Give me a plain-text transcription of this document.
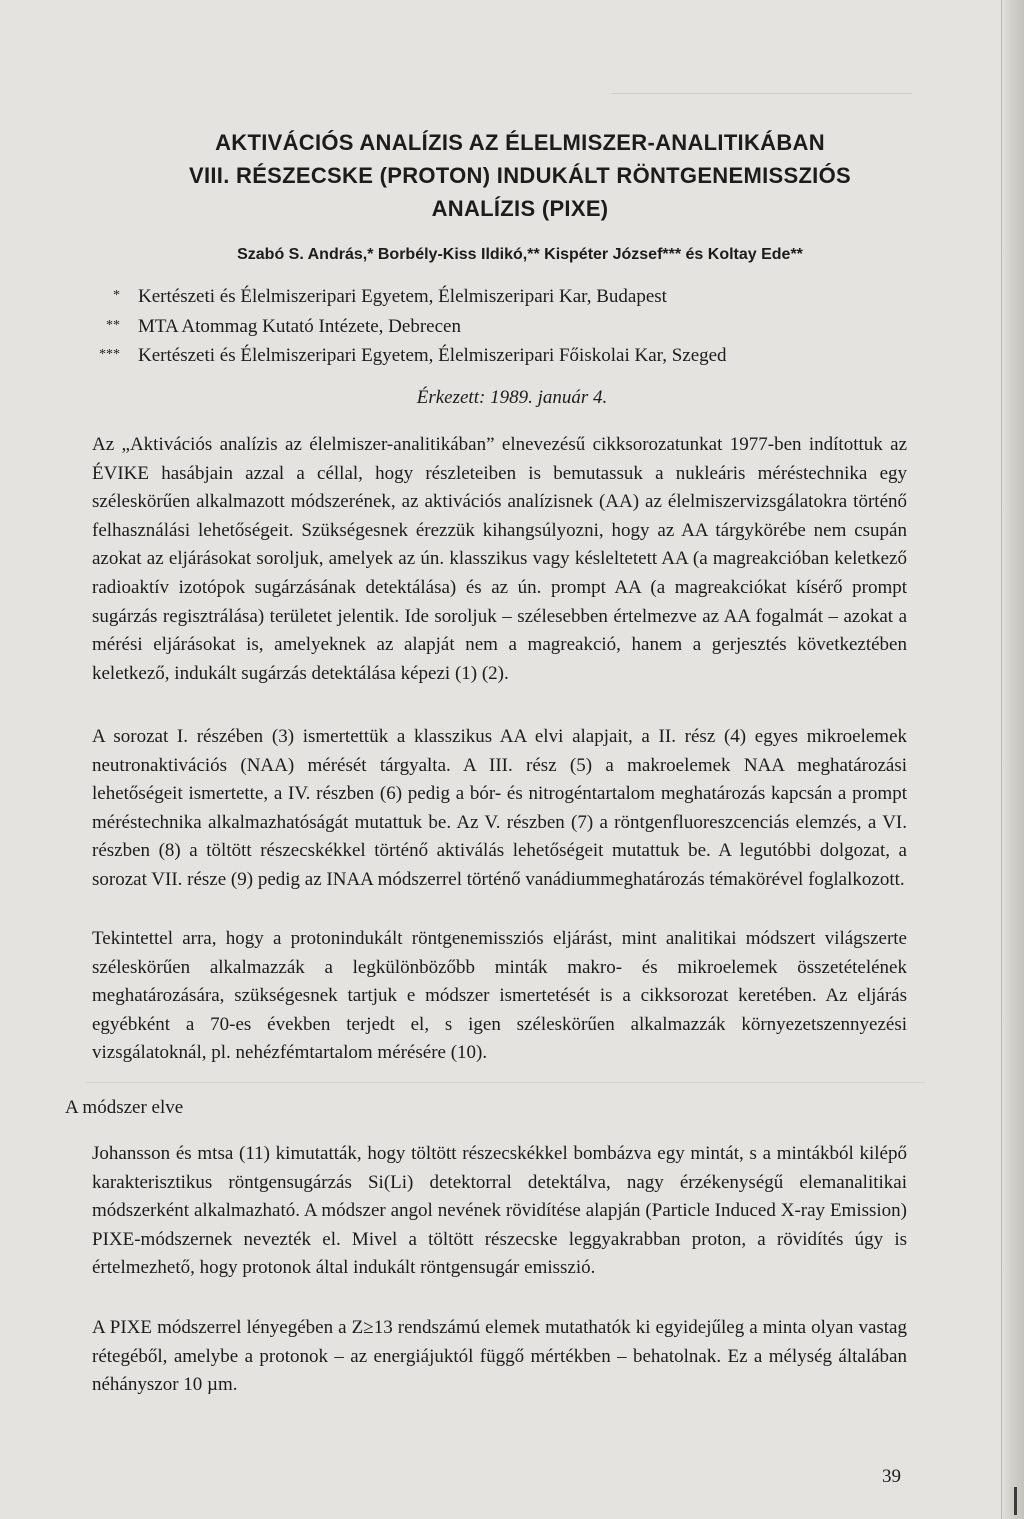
AKTIVÁCIÓS ANALÍZIS AZ ÉLELMISZER-ANALITIKÁBAN
VIII. RÉSZECSKE (PROTON) INDUKÁLT RÖNTGENEMISSZIÓS
ANALÍZIS (PIXE)
Szabó S. András,* Borbély-Kiss Ildikó,** Kispéter József*** és Koltay Ede**
* Kertészeti és Élelmiszeripari Egyetem, Élelmiszeripari Kar, Budapest
** MTA Atommag Kutató Intézete, Debrecen
*** Kertészeti és Élelmiszeripari Egyetem, Élelmiszeripari Főiskolai Kar, Szeged
Érkezett: 1989. január 4.

Az „Aktivációs analízis az élelmiszer-analitikában” elnevezésű cikksorozatunkat 1977-ben indítottuk az ÉVIKE hasábjain azzal a céllal, hogy részleteiben is bemutassuk a nukleáris méréstechnika egy széleskörűen alkalmazott módszerének, az aktivációs analízisnek (AA) az élelmiszervizsgálatokra történő felhasználási lehetőségeit. Szükségesnek érezzük kihangsúlyozni, hogy az AA tárgykörébe nem csupán azokat az eljárásokat soroljuk, amelyek az ún. klasszikus vagy késleltetett AA (a magreakcióban keletkező radioaktív izotópok sugárzásának detektálása) és az ún. prompt AA (a magreakciókat kísérő prompt sugárzás regisztrálása) területet jelentik. Ide soroljuk – szélesebben értelmezve az AA fogalmát – azokat a mérési eljárásokat is, amelyeknek az alapját nem a magreakció, hanem a gerjesztés következtében keletkező, indukált sugárzás detektálása képezi (1) (2).

A sorozat I. részében (3) ismertettük a klasszikus AA elvi alapjait, a II. rész (4) egyes mikroelemek neutronaktivációs (NAA) mérését tárgyalta. A III. rész (5) a makroelemek NAA meghatározási lehetőségeit ismertette, a IV. részben (6) pedig a bór- és nitrogéntartalom meghatározás kapcsán a prompt méréstechnika alkalmazhatóságát mutattuk be. Az V. részben (7) a röntgenfluoreszcenciás elemzés, a VI. részben (8) a töltött részecskékkel történő aktiválás lehetőségeit mutattuk be. A legutóbbi dolgozat, a sorozat VII. része (9) pedig az INAA módszerrel történő vanádiummeghatározás témakörével foglalkozott.

Tekintettel arra, hogy a protonindukált röntgenemissziós eljárást, mint analitikai módszert világszerte széleskörűen alkalmazzák a legkülönbözőbb minták makro- és mikroelemek összetételének meghatározására, szükségesnek tartjuk e módszer ismertetését is a cikksorozat keretében. Az eljárás egyébként a 70-es években terjedt el, s igen széleskörűen alkalmazzák környezetszennyezési vizsgálatoknál, pl. nehézfémtartalom mérésére (10).

A módszer elve

Johansson és mtsa (11) kimutatták, hogy töltött részecskékkel bombázva egy mintát, s a mintákból kilépő karakterisztikus röntgensugárzás Si(Li) detektorral detektálva, nagy érzékenységű elemanalitikai módszerként alkalmazható. A módszer angol nevének rövidítése alapján (Particle Induced X-ray Emission) PIXE-módszernek nevezték el. Mivel a töltött részecske leggyakrabban proton, a rövidítés úgy is értelmezhető, hogy protonok által indukált röntgensugár emisszió.

A PIXE módszerrel lényegében a Z≥13 rendszámú elemek mutathatók ki egyidejűleg a minta olyan vastag rétegéből, amelybe a protonok – az energiájuktól függő mértékben – behatolnak. Ez a mélység általában néhányszor 10 µm.

39
